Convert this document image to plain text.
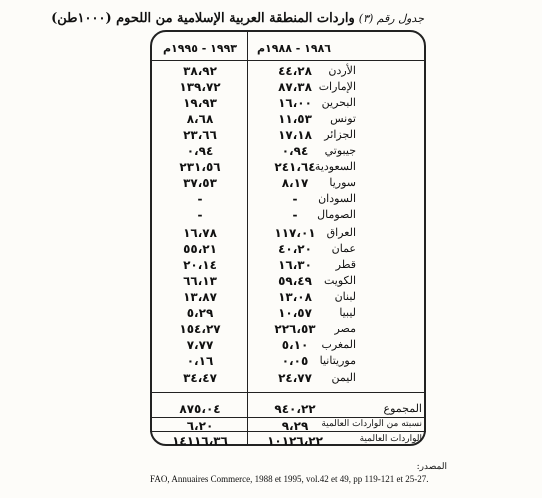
جدول رقم (٣) واردات المنطقة العربية الإسلامية من اللحوم (١٠٠٠طن)
١٩٨٦ - ١٩٨٨م
١٩٩٣ - ١٩٩٥م
الأردن
٤٤،٢٨
٣٨،٩٢
الإمارات
٨٧،٣٨
١٣٩،٧٢
البحرين
١٦،٠٠
١٩،٩٣
تونس
١١،٥٣
٨،٦٨
الجزائر
١٧،١٨
٢٣،٦٦
جيبوتي
٠،٩٤
٠،٩٤
السعودية
٢٤١،٦٤
٢٣١،٥٦
سوريا
٨،١٧
٣٧،٥٣
السودان
-
-
الصومال
-
-
العراق
١١٧،٠١
١٦،٧٨
عمان
٤٠،٢٠
٥٥،٢١
قطر
١٦،٣٠
٢٠،١٤
الكويت
٥٩،٤٩
٦٦،١٣
لبنان
١٣،٠٨
١٣،٨٧
ليبيا
١٠،٥٧
٥،٢٩
مصر
٢٢٦،٥٣
١٥٤،٢٧
المغرب
٥،١٠
٧،٧٧
موريتانيا
٠،٠٥
٠،١٦
اليمن
٢٤،٧٧
٣٤،٤٧
المجموع
٩٤٠،٢٢
٨٧٥،٠٤
نسبته من الواردات العالمية
٩،٢٩
٦،٢٠
الواردات العالمية
١٠١٢٦،٢٢
١٤١١٦،٣٦
المصدر:
FAO, Annuaires Commerce, 1988 et 1995, vol.42 et 49, pp 119-121 et 25-27.
